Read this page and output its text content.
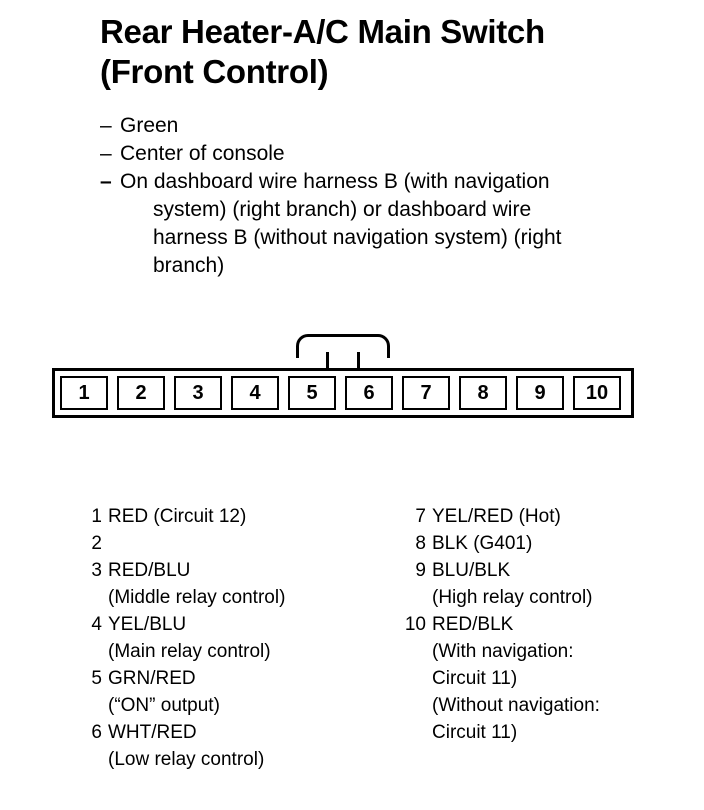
Rear Heater-A/C Main Switch
(Front Control)
– Green
– Center of console
– On dashboard wire harness B (with navigation
system) (right branch) or dashboard wire
harness B (without navigation system) (right
branch)
1	2	3	4	5	6	7	8	9	10
1 RED (Circuit 12)
2
3 RED/BLU
(Middle relay control)
4 YEL/BLU
(Main relay control)
5 GRN/RED
(“ON” output)
6 WHT/RED
(Low relay control)
7 YEL/RED (Hot)
8 BLK (G401)
9 BLU/BLK
(High relay control)
10 RED/BLK
(With navigation:
Circuit 11)
(Without navigation:
Circuit 11)
